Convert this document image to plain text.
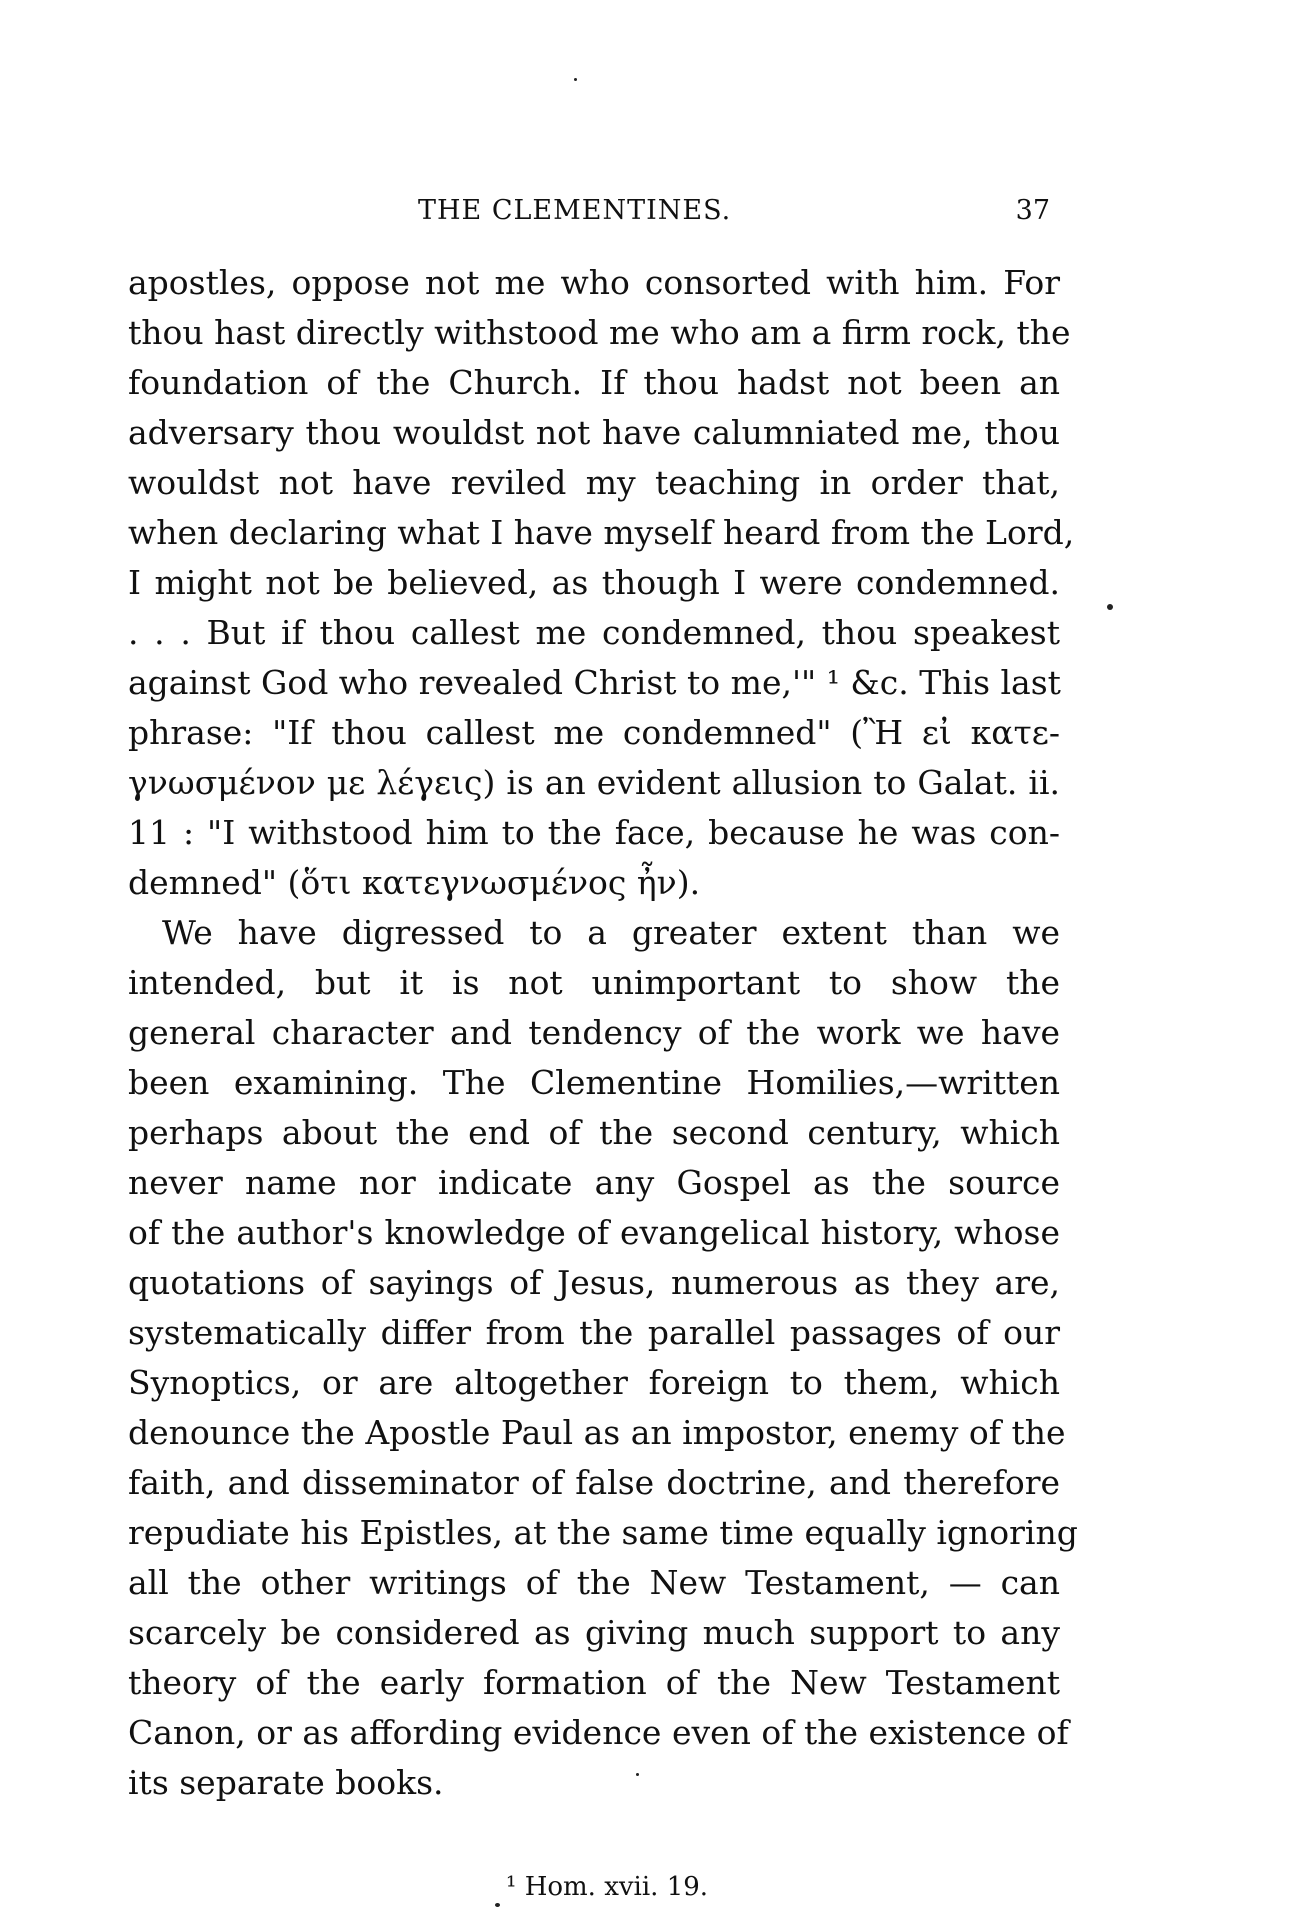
THE CLEMENTINES.	37
apostles, oppose not me who consorted with him. For
thou hast directly withstood me who am a firm rock, the
foundation of the Church. If thou hadst not been an
adversary thou wouldst not have calumniated me, thou
wouldst not have reviled my teaching in order that,
when declaring what I have myself heard from the Lord,
I might not be believed, as though I were condemned.
. . . But if thou callest me condemned, thou speakest
against God who revealed Christ to me,'" ¹ &c. This last
phrase: "If thou callest me condemned" (Ἢ εἰ κατε-
γνωσμένον με λέγεις) is an evident allusion to Galat. ii.
11 : "I withstood him to the face, because he was con-
demned" (ὅτι κατεγνωσμένος ἦν).
We have digressed to a greater extent than we
intended, but it is not unimportant to show the
general character and tendency of the work we have
been examining. The Clementine Homilies,—written
perhaps about the end of the second century, which
never name nor indicate any Gospel as the source
of the author's knowledge of evangelical history, whose
quotations of sayings of Jesus, numerous as they are,
systematically differ from the parallel passages of our
Synoptics, or are altogether foreign to them, which
denounce the Apostle Paul as an impostor, enemy of the
faith, and disseminator of false doctrine, and therefore
repudiate his Epistles, at the same time equally ignoring
all the other writings of the New Testament, — can
scarcely be considered as giving much support to any
theory of the early formation of the New Testament
Canon, or as affording evidence even of the existence of
its separate books.
¹ Hom. xvii. 19.
